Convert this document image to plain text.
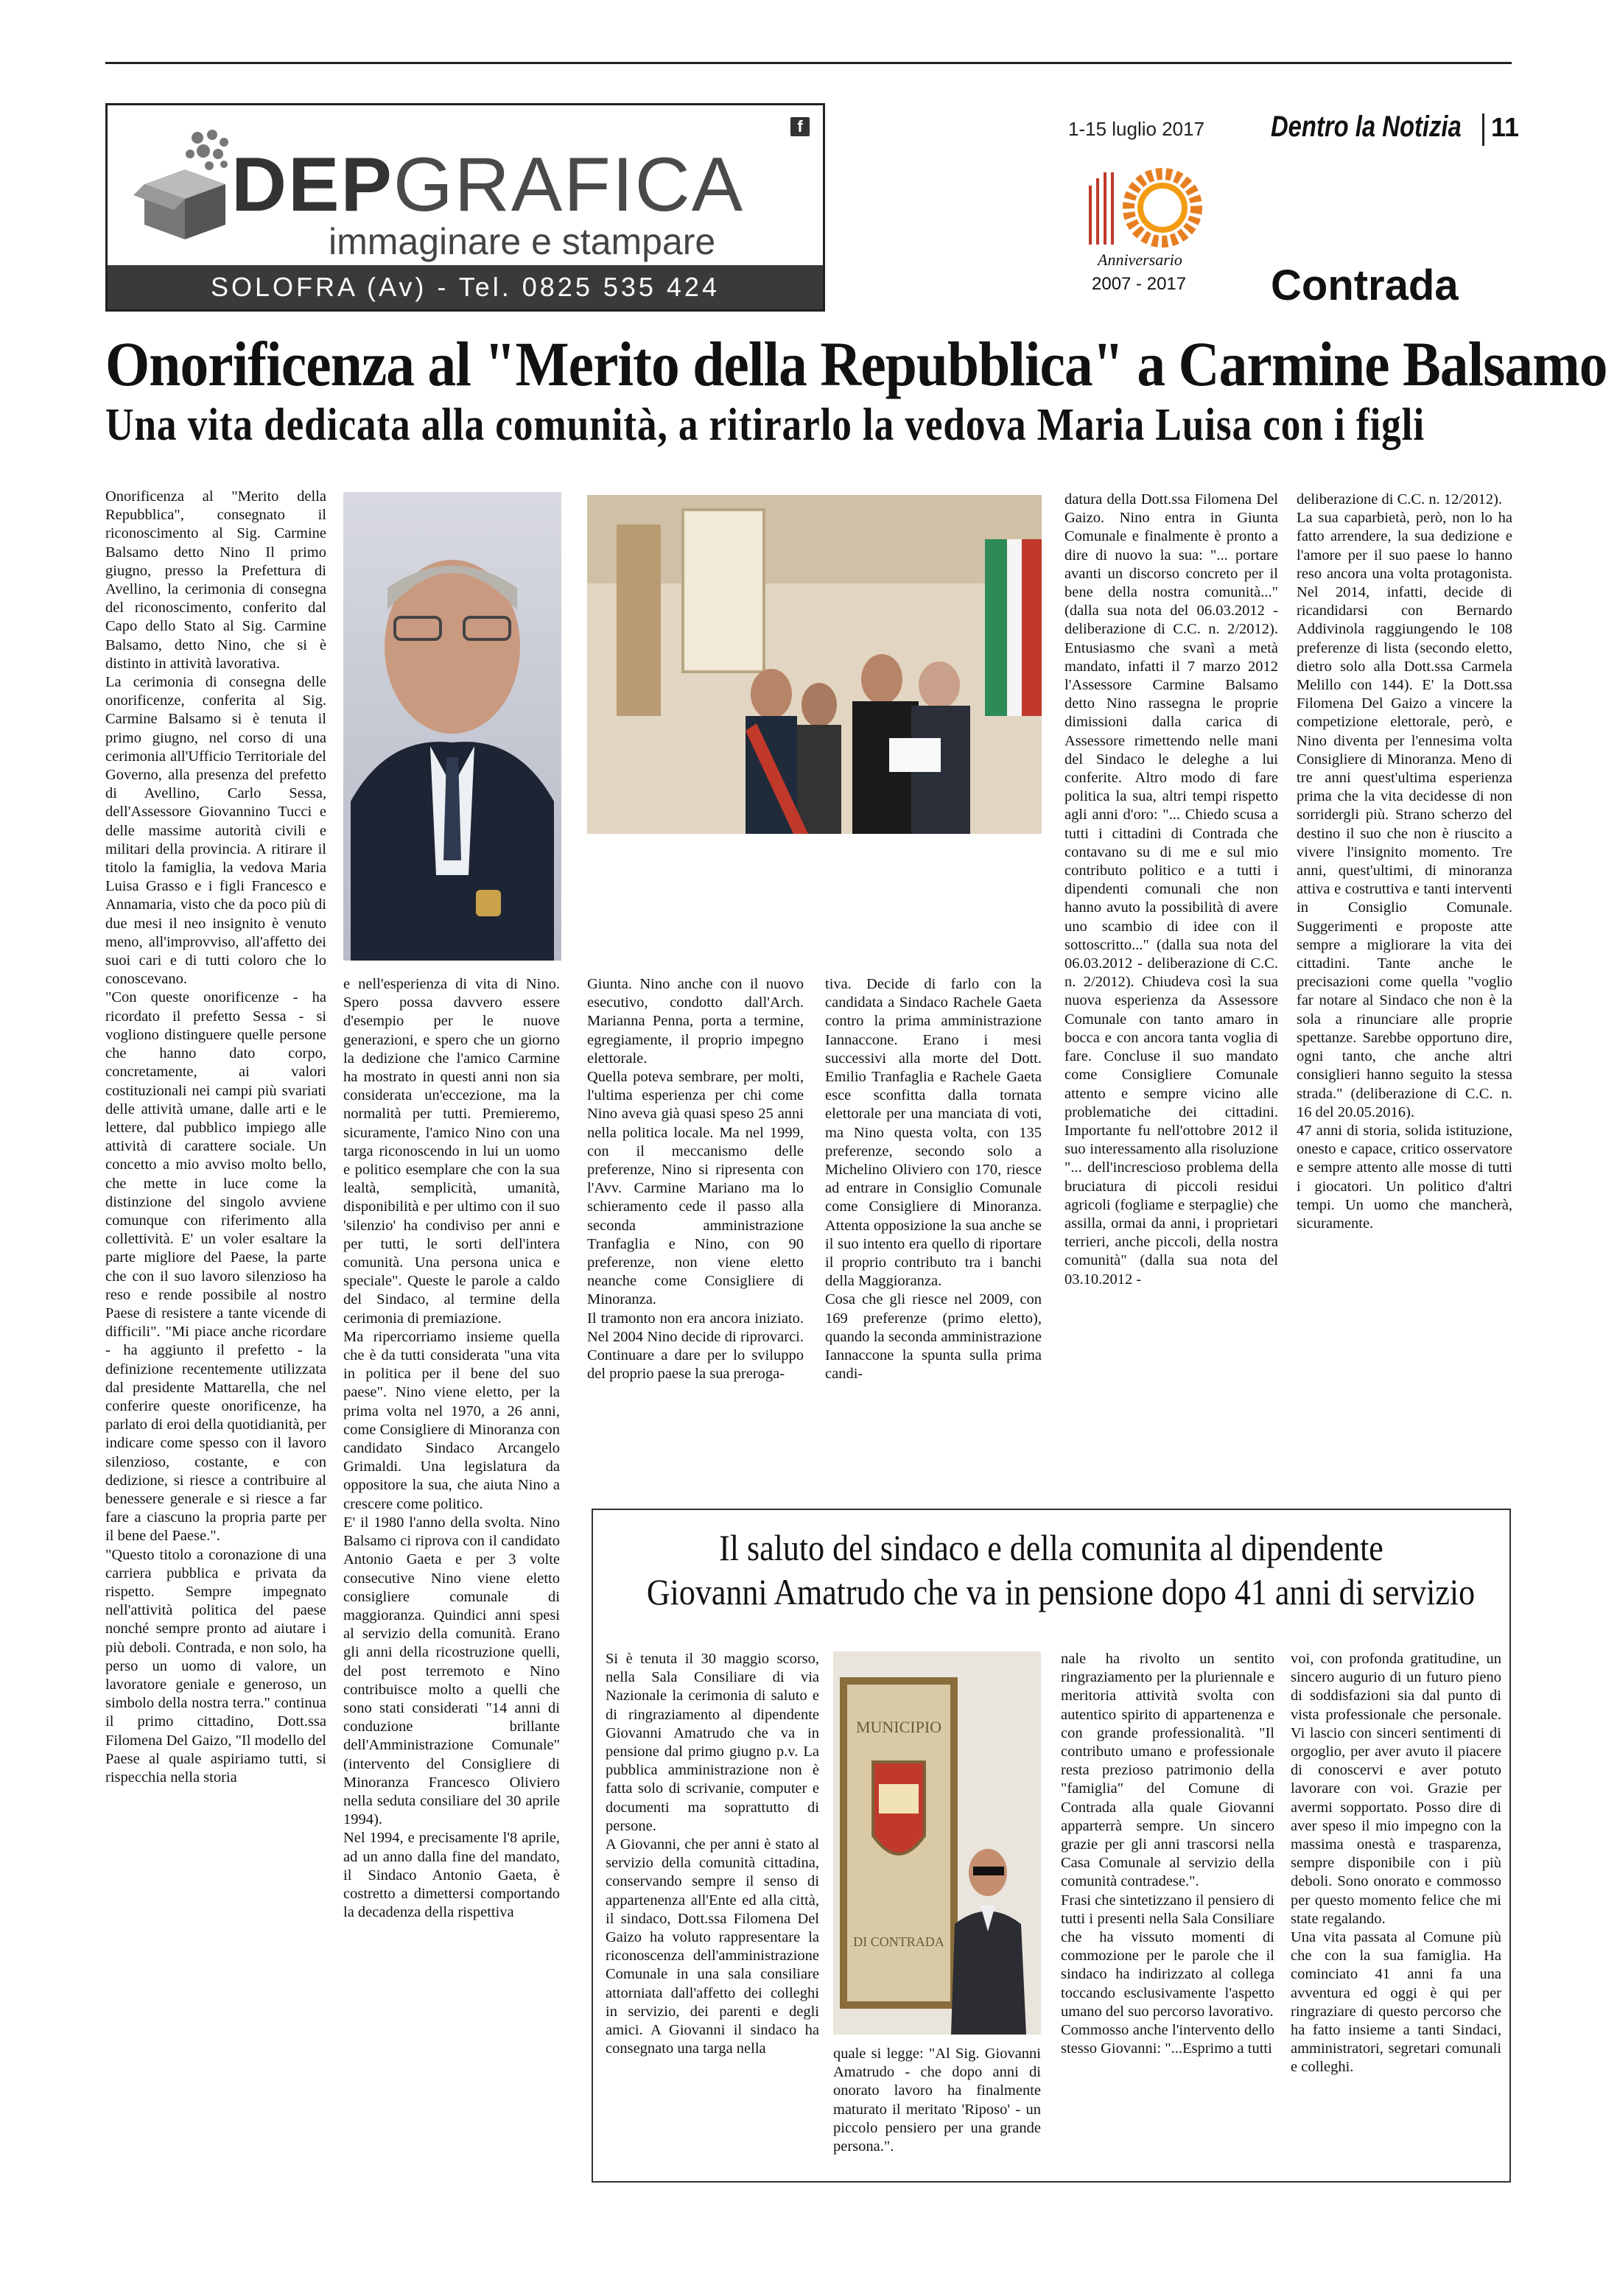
f
DEPGRAFICA
immaginare e stampare
SOLOFRA (Av) - Tel. 0825 535 424
1-15 luglio 2017 Dentro la Notizia 11
Anniversario
2007 - 2017 Contrada
Onorificenza al "Merito della Repubblica" a Carmine Balsamo
Una vita dedicata alla comunità, a ritirarlo la vedova Maria Luisa con i figli

Onorificenza al "Merito della Repubblica", consegnato il riconoscimento al Sig. Carmine Balsamo detto Nino Il primo giugno, presso la Prefettura di Avellino, la cerimonia di consegna del riconoscimento, conferito dal Capo dello Stato al Sig. Carmine Balsamo, detto Nino, che si è distinto in attività lavorativa.

La cerimonia di consegna delle onorificenze, conferita al Sig. Carmine Balsamo si è tenuta il primo giugno, nel corso di una cerimonia all'Ufficio Territoriale del Governo, alla presenza del prefetto di Avellino, Carlo Sessa, dell'Assessore Giovannino Tucci e delle massime autorità civili e militari della provincia. A ritirare il titolo la famiglia, la vedova Maria Luisa Grasso e i figli Francesco e Annamaria, visto che da poco più di due mesi il neo insignito è venuto meno, all'improvviso, all'affetto dei suoi cari e di tutti coloro che lo conoscevano.

"Con queste onorificenze - ha ricordato il prefetto Sessa - si vogliono distinguere quelle persone che hanno dato corpo, concretamente, ai valori costituzionali nei campi più svariati delle attività umane, dalle arti e le lettere, dal pubblico impiego alle attività di carattere sociale. Un concetto a mio avviso molto bello, che mette in luce come la distinzione del singolo avviene comunque con riferimento alla collettività. E' un voler esaltare la parte migliore del Paese, la parte che con il suo lavoro silenzioso ha reso e rende possibile al nostro Paese di resistere a tante vicende di difficili". "Mi piace anche ricordare - ha aggiunto il prefetto - la definizione recentemente utilizzata dal presidente Mattarella, che nel conferire queste onorificenze, ha parlato di eroi della quotidianità, per indicare come spesso con il lavoro silenzioso, costante, e con dedizione, si riesce a contribuire al benessere generale e si riesce a far fare a ciascuno la propria parte per il bene del Paese.".

"Questo titolo a coronazione di una carriera pubblica e privata da rispetto. Sempre impegnato nell'attività politica del paese nonché sempre pronto ad aiutare i più deboli. Contrada, e non solo, ha perso un uomo di valore, un lavoratore geniale e generoso, un simbolo della nostra terra." continua il primo cittadino, Dott.ssa Filomena Del Gaizo, "Il modello del Paese al quale aspiriamo tutti, si rispecchia nella storia

e nell'esperienza di vita di Nino. Spero possa davvero essere d'esempio per le nuove generazioni, e spero che un giorno la dedizione che l'amico Carmine ha mostrato in questi anni non sia considerata un'eccezione, ma la normalità per tutti. Premieremo, sicuramente, l'amico Nino con una targa riconoscendo in lui un uomo e politico esemplare che con la sua lealtà, semplicità, umanità, disponibilità e per ultimo con il suo 'silenzio' ha condiviso per anni e per tutti, le sorti dell'intera comunità. Una persona unica e speciale". Queste le parole a caldo del Sindaco, al termine della cerimonia di premiazione.

Ma ripercorriamo insieme quella che è da tutti considerata "una vita in politica per il bene del suo paese". Nino viene eletto, per la prima volta nel 1970, a 26 anni, come Consigliere di Minoranza con candidato Sindaco Arcangelo Grimaldi. Una legislatura da oppositore la sua, che aiuta Nino a crescere come politico.

E' il 1980 l'anno della svolta. Nino Balsamo ci riprova con il candidato Antonio Gaeta e per 3 volte consecutive Nino viene eletto consigliere comunale di maggioranza. Quindici anni spesi al servizio della comunità. Erano gli anni della ricostruzione quelli, del post terremoto e Nino contribuisce molto a quelli che sono stati considerati "14 anni di conduzione brillante dell'Amministrazione Comunale" (intervento del Consigliere di Minoranza Francesco Oliviero nella seduta consiliare del 30 aprile 1994).

Nel 1994, e precisamente l'8 aprile, ad un anno dalla fine del mandato, il Sindaco Antonio Gaeta, è costretto a dimettersi comportando la decadenza della rispettiva

Giunta. Nino anche con il nuovo esecutivo, condotto dall'Arch. Marianna Penna, porta a termine, egregiamente, il proprio impegno elettorale.

Quella poteva sembrare, per molti, l'ultima esperienza per chi come Nino aveva già quasi speso 25 anni nella politica locale. Ma nel 1999, con il meccanismo delle preferenze, Nino si ripresenta con l'Avv. Carmine Mariano ma lo schieramento cede il passo alla seconda amministrazione Tranfaglia e Nino, con 90 preferenze, non viene eletto neanche come Consigliere di Minoranza.

Il tramonto non era ancora iniziato. Nel 2004 Nino decide di riprovarci. Continuare a dare per lo sviluppo del proprio paese la sua preroga-

tiva. Decide di farlo con la candidata a Sindaco Rachele Gaeta contro la prima amministrazione Iannaccone. Erano i mesi successivi alla morte del Dott. Emilio Tranfaglia e Rachele Gaeta esce sconfitta dalla tornata elettorale per una manciata di voti, ma Nino questa volta, con 135 preferenze, secondo solo a Michelino Oliviero con 170, riesce ad entrare in Consiglio Comunale come Consigliere di Minoranza. Attenta opposizione la sua anche se il suo intento era quello di riportare il proprio contributo tra i banchi della Maggioranza.

Cosa che gli riesce nel 2009, con 169 preferenze (primo eletto), quando la seconda amministrazione Iannaccone la spunta sulla prima candi-

datura della Dott.ssa Filomena Del Gaizo. Nino entra in Giunta Comunale e finalmente è pronto a dire di nuovo la sua: "... portare avanti un discorso concreto per il bene della nostra comunità..." (dalla sua nota del 06.03.2012 - deliberazione di C.C. n. 2/2012). Entusiasmo che svanì a metà mandato, infatti il 7 marzo 2012 l'Assessore Carmine Balsamo detto Nino rassegna le proprie dimissioni dalla carica di Assessore rimettendo nelle mani del Sindaco le deleghe a lui conferite. Altro modo di fare politica la sua, altri tempi rispetto agli anni d'oro: "... Chiedo scusa a tutti i cittadini di Contrada che contavano su di me e sul mio contributo politico e a tutti i dipendenti comunali che non hanno avuto la possibilità di avere uno scambio di idee con il sottoscritto..." (dalla sua nota del 06.03.2012 - deliberazione di C.C. n. 2/2012). Chiudeva così la sua nuova esperienza da Assessore Comunale con tanto amaro in bocca e con ancora tanta voglia di fare. Concluse il suo mandato come Consigliere Comunale attento e sempre vicino alle problematiche dei cittadini. Importante fu nell'ottobre 2012 il suo interessamento alla risoluzione "... dell'increscioso problema della bruciatura di piccoli residui agricoli (fogliame e sterpaglie) che assilla, ormai da anni, i proprietari terrieri, anche piccoli, della nostra comunità" (dalla sua nota del 03.10.2012 -

deliberazione di C.C. n. 12/2012).

La sua caparbietà, però, non lo ha fatto arrendere, la sua dedizione e l'amore per il suo paese lo hanno reso ancora una volta protagonista. Nel 2014, infatti, decide di ricandidarsi con Bernardo Addivinola raggiungendo le 108 preferenze di lista (secondo eletto, dietro solo alla Dott.ssa Carmela Melillo con 144). E' la Dott.ssa Filomena Del Gaizo a vincere la competizione elettorale, però, e Nino diventa per l'ennesima volta Consigliere di Minoranza. Meno di tre anni quest'ultima esperienza prima che la vita decidesse di non sorridergli più. Strano scherzo del destino il suo che non è riuscito a vivere l'insignito momento. Tre anni, quest'ultimi, di minoranza attiva e costruttiva e tanti interventi in Consiglio Comunale. Suggerimenti e proposte atte sempre a migliorare la vita dei cittadini. Tante anche le precisazioni come quella "voglio far notare al Sindaco che non è la sola a rinunciare alle proprie spettanze. Sarebbe opportuno dire, ogni tanto, che anche altri consiglieri hanno seguito la stessa strada." (deliberazione di C.C. n. 16 del 20.05.2016).

47 anni di storia, solida istituzione, onesto e capace, critico osservatore e sempre attento alle mosse di tutti i giocatori. Un politico d'altri tempi. Un uomo che mancherà, sicuramente.

Il saluto del sindaco e della comunita al dipendente
Giovanni Amatrudo che va in pensione dopo 41 anni di servizio

Si è tenuta il 30 maggio scorso, nella Sala Consiliare di via Nazionale la cerimonia di saluto e di ringraziamento al dipendente Giovanni Amatrudo che va in pensione dal primo giugno p.v. La pubblica amministrazione non è fatta solo di scrivanie, computer e documenti ma soprattutto di persone.

A Giovanni, che per anni è stato al servizio della comunità cittadina, conservando sempre il senso di appartenenza all'Ente ed alla città, il sindaco, Dott.ssa Filomena Del Gaizo ha voluto rappresentare la riconoscenza dell'amministrazione Comunale in una sala consiliare attorniata dall'affetto dei colleghi in servizio, dei parenti e degli amici. A Giovanni il sindaco ha consegnato una targa nella

MUNICIPIO
DI CONTRADA

quale si legge: "Al Sig. Giovanni Amatrudo - che dopo anni di onorato lavoro ha finalmente maturato il meritato 'Riposo' - un piccolo pensiero per una grande persona.".

nale ha rivolto un sentito ringraziamento per la pluriennale e meritoria attività svolta con autentico spirito di appartenenza e con grande professionalità. "Il contributo umano e professionale resta prezioso patrimonio della "famiglia" del Comune di Contrada alla quale Giovanni apparterrà sempre. Un sincero grazie per gli anni trascorsi nella Casa Comunale al servizio della comunità contradese.".

Frasi che sintetizzano il pensiero di tutti i presenti nella Sala Consiliare che ha vissuto momenti di commozione per le parole che il sindaco ha indirizzato al collega toccando esclusivamente l'aspetto umano del suo percorso lavorativo.

Commosso anche l'intervento dello stesso Giovanni: "...Esprimo a tutti

voi, con profonda gratitudine, un sincero augurio di un futuro pieno di soddisfazioni sia dal punto di vista professionale che personale. Vi lascio con sinceri sentimenti di orgoglio, per aver avuto il piacere di conoscervi e aver potuto lavorare con voi. Grazie per avermi sopportato. Posso dire di aver speso il mio impegno con la massima onestà e trasparenza, sempre disponibile con i più deboli. Sono onorato e commosso per questo momento felice che mi state regalando.

Una vita passata al Comune più che con la sua famiglia. Ha cominciato 41 anni fa una avventura ed oggi è qui per ringraziare di questo percorso che ha fatto insieme a tanti Sindaci, amministratori, segretari comunali e colleghi.
